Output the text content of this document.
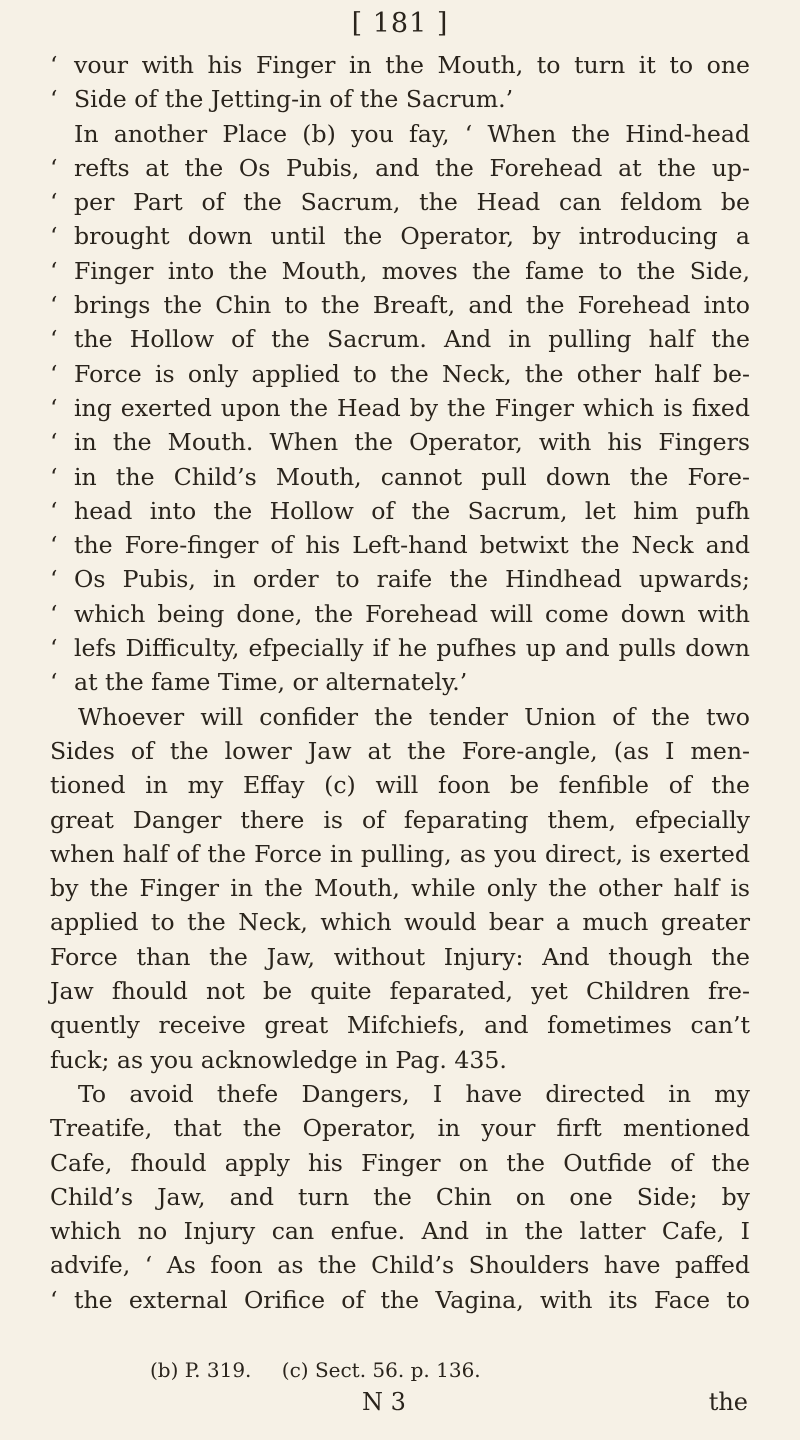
[ 181 ]
‘ vour with his Finger in the Mouth, to turn it to one
‘ Side of the Jetting-in of the Sacrum.’
In another Place (b) you fay, ‘ When the Hind-head
‘ refts at the Os Pubis, and the Forehead at the up-
‘ per Part of the Sacrum, the Head can feldom be
‘ brought down until the Operator, by introducing a
‘ Finger into the Mouth, moves the fame to the Side,
‘ brings the Chin to the Breaft, and the Forehead into
‘ the Hollow of the Sacrum. And in pulling half the
‘ Force is only applied to the Neck, the other half be-
‘ ing exerted upon the Head by the Finger which is fixed
‘ in the Mouth. When the Operator, with his Fingers
‘ in the Child’s Mouth, cannot pull down the Fore-
‘ head into the Hollow of the Sacrum, let him pufh
‘ the Fore-finger of his Left-hand betwixt the Neck and
‘ Os Pubis, in order to raife the Hindhead upwards;
‘ which being done, the Forehead will come down with
‘ lefs Difficulty, efpecially if he pufhes up and pulls down
‘ at the fame Time, or alternately.’
Whoever will confider the tender Union of the two
Sides of the lower Jaw at the Fore-angle, (as I men-
tioned in my Effay (c) will foon be fenfible of the
great Danger there is of feparating them, efpecially
when half of the Force in pulling, as you direct, is exerted
by the Finger in the Mouth, while only the other half is
applied to the Neck, which would bear a much greater
Force than the Jaw, without Injury: And though the
Jaw fhould not be quite feparated, yet Children fre-
quently receive great Mifchiefs, and fometimes can’t
fuck; as you acknowledge in Pag. 435.
To avoid thefe Dangers, I have directed in my
Treatife, that the Operator, in your firft mentioned
Cafe, fhould apply his Finger on the Outfide of the
Child’s Jaw, and turn the Chin on one Side; by
which no Injury can enfue. And in the latter Cafe, I
advife, ‘ As foon as the Child’s Shoulders have paffed
‘ the external Orifice of the Vagina, with its Face to
(b) P. 319. (c) Sect. 56. p. 136.
N 3	the
